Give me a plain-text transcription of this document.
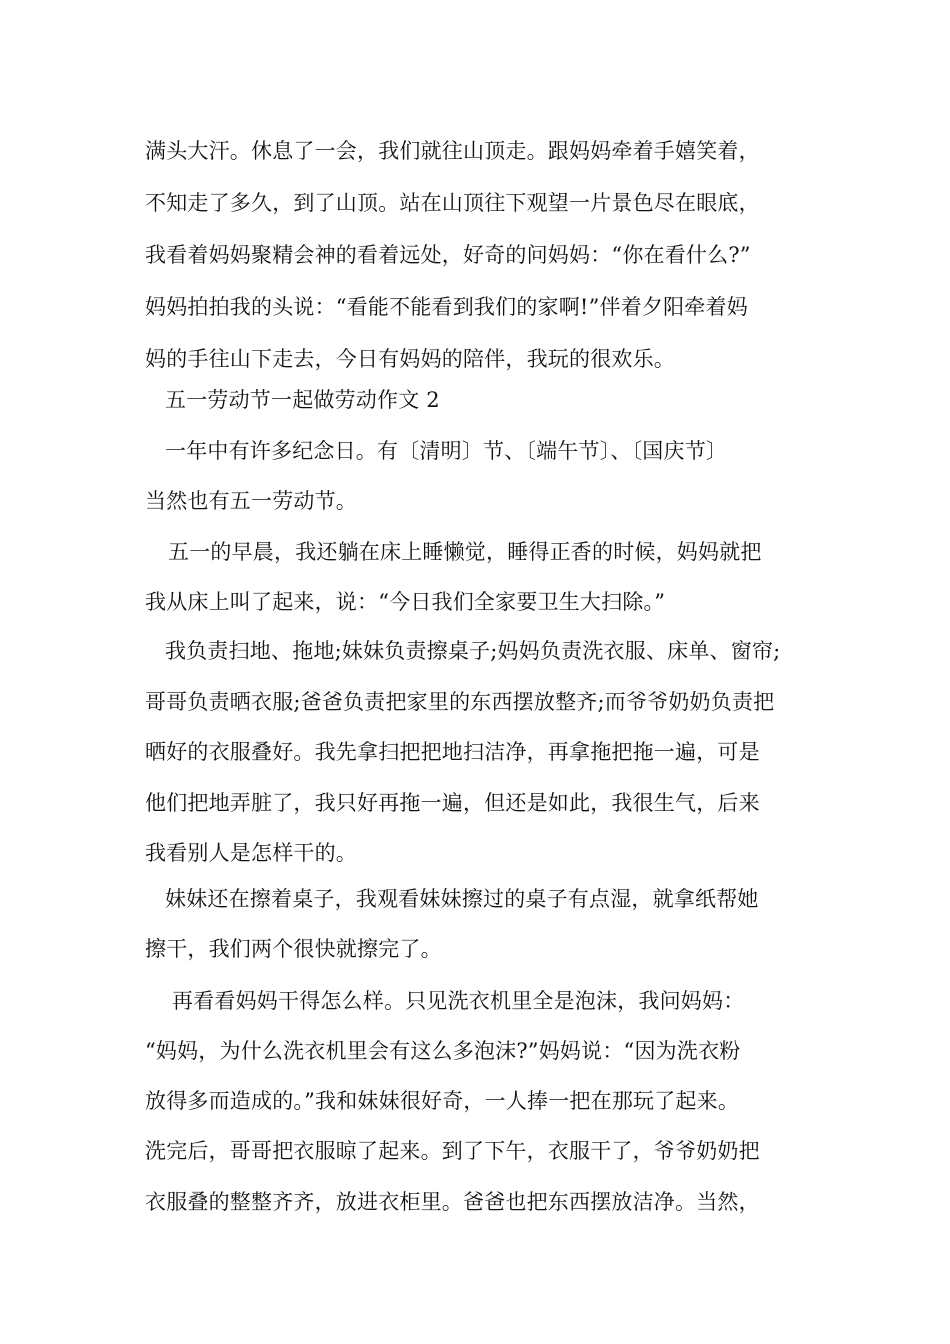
满头大汗。休息了一会，我们就往山顶走。跟妈妈牵着手嬉笑着，
不知走了多久，到了山顶。站在山顶往下观望一片景色尽在眼底，
我看着妈妈聚精会神的看着远处，好奇的问妈妈：“你在看什么?”
妈妈拍拍我的头说：“看能不能看到我们的家啊!”伴着夕阳牵着妈
妈的手往山下走去，今日有妈妈的陪伴，我玩的很欢乐。
五一劳动节一起做劳动作文 2
一年中有许多纪念日。有〔清明〕节、〔端午节〕、〔国庆节〕
当然也有五一劳动节。
五一的早晨，我还躺在床上睡懒觉，睡得正香的时候，妈妈就把
我从床上叫了起来，说：“今日我们全家要卫生大扫除。”
我负责扫地、拖地;妹妹负责擦桌子;妈妈负责洗衣服、床单、窗帘;
哥哥负责晒衣服;爸爸负责把家里的东西摆放整齐;而爷爷奶奶负责把
晒好的衣服叠好。我先拿扫把把地扫洁净，再拿拖把拖一遍，可是
他们把地弄脏了，我只好再拖一遍，但还是如此，我很生气，后来
我看别人是怎样干的。
妹妹还在擦着桌子，我观看妹妹擦过的桌子有点湿，就拿纸帮她
擦干，我们两个很快就擦完了。
再看看妈妈干得怎么样。只见洗衣机里全是泡沫，我问妈妈：
“妈妈，为什么洗衣机里会有这么多泡沫?”妈妈说：“因为洗衣粉
放得多而造成的。”我和妹妹很好奇，一人捧一把在那玩了起来。
洗完后，哥哥把衣服晾了起来。到了下午，衣服干了，爷爷奶奶把
衣服叠的整整齐齐，放进衣柜里。爸爸也把东西摆放洁净。当然，
